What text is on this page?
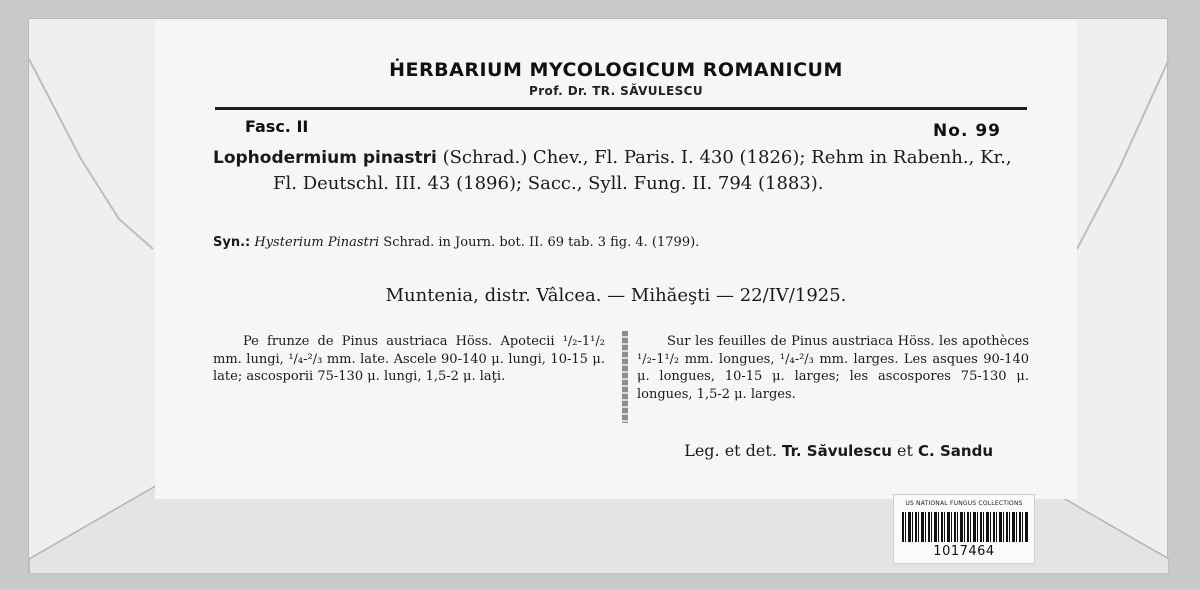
ḢERBARIUM MYCOLOGICUM ROMANICUM
Prof. Dr. TR. SĂVULESCU
Fasc. II	No. 99
Lophodermium pinastri (Schrad.) Chev., Fl. Paris. I. 430 (1826); Rehm in Rabenh., Kr., Fl. Deutschl. III. 43 (1896); Sacc., Syll. Fung. II. 794 (1883).
Syn.: Hysterium Pinastri Schrad. in Journ. bot. II. 69 tab. 3 fig. 4. (1799).
Muntenia, distr. Vâlcea. — Mihăeşti — 22/IV/1925.
Pe frunze de Pinus austriaca Höss. Apotecii ¹/₂-1¹/₂ mm. lungi, ¹/₄-²/₃ mm. late. Ascele 90-140 μ. lungi, 10-15 μ. late; ascosporii 75-130 μ. lungi, 1,5-2 μ. laţi.
Sur les feuilles de Pinus austriaca Höss. les apothèces ¹/₂-1¹/₂ mm. longues, ¹/₄-²/₃ mm. larges. Les asques 90-140 μ. longues, 10-15 μ. larges; les ascospores 75-130 μ. longues, 1,5-2 μ. larges.
Leg. et det. Tr. Săvulescu et C. Sandu
US NATIONAL FUNGUS COLLECTIONS
1017464
